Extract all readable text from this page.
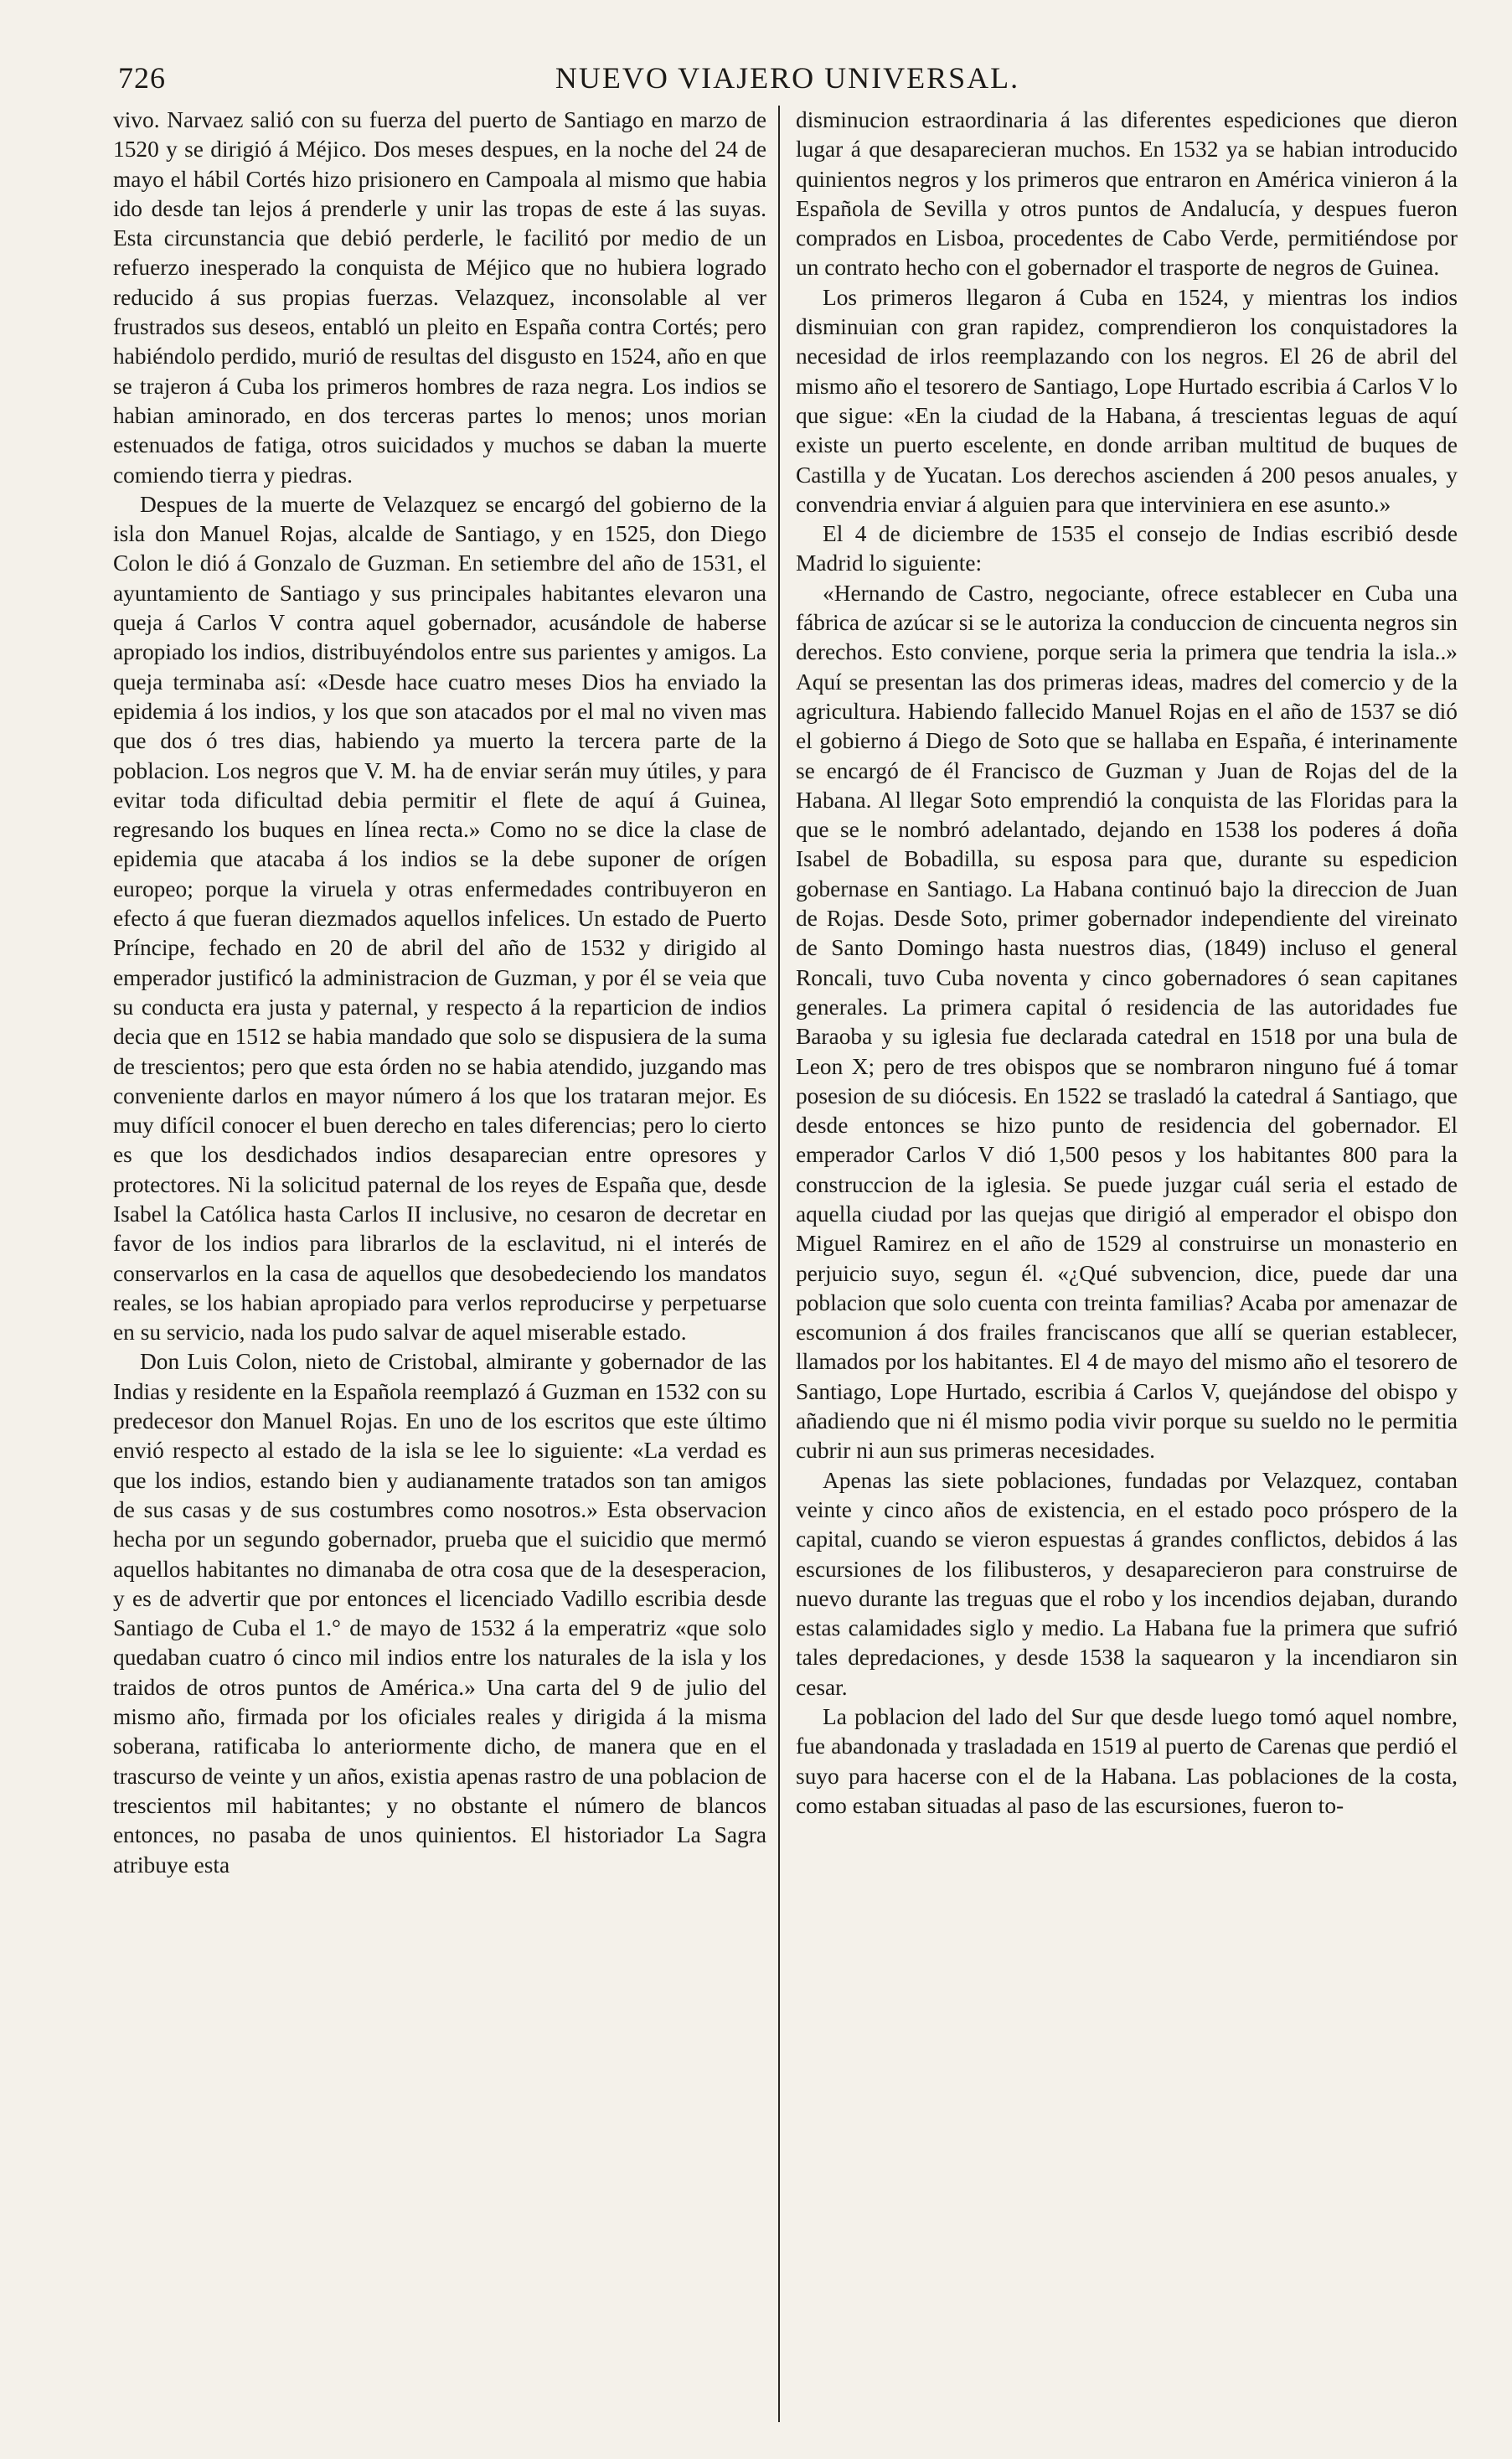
726	NUEVO VIAJERO UNIVERSAL.

vivo. Narvaez salió con su fuerza del puerto de Santiago en marzo de 1520 y se dirigió á Méjico. Dos meses despues, en la noche del 24 de mayo el hábil Cortés hizo prisionero en Campoala al mismo que habia ido desde tan lejos á prenderle y unir las tropas de este á las suyas. Esta circunstancia que debió perderle, le facilitó por medio de un refuerzo inesperado la conquista de Méjico que no hubiera logrado reducido á sus propias fuerzas. Velazquez, inconsolable al ver frustrados sus deseos, entabló un pleito en España contra Cortés; pero habiéndolo perdido, murió de resultas del disgusto en 1524, año en que se trajeron á Cuba los primeros hombres de raza negra. Los indios se habian aminorado, en dos terceras partes lo menos; unos morian estenuados de fatiga, otros suicidados y muchos se daban la muerte comiendo tierra y piedras.

Despues de la muerte de Velazquez se encargó del gobierno de la isla don Manuel Rojas, alcalde de Santiago, y en 1525, don Diego Colon le dió á Gonzalo de Guzman. En setiembre del año de 1531, el ayuntamiento de Santiago y sus principales habitantes elevaron una queja á Carlos V contra aquel gobernador, acusándole de haberse apropiado los indios, distribuyéndolos entre sus parientes y amigos. La queja terminaba así: «Desde hace cuatro meses Dios ha enviado la epidemia á los indios, y los que son atacados por el mal no viven mas que dos ó tres dias, habiendo ya muerto la tercera parte de la poblacion. Los negros que V. M. ha de enviar serán muy útiles, y para evitar toda dificultad debia permitir el flete de aquí á Guinea, regresando los buques en línea recta.» Como no se dice la clase de epidemia que atacaba á los indios se la debe suponer de orígen europeo; porque la viruela y otras enfermedades contribuyeron en efecto á que fueran diezmados aquellos infelices. Un estado de Puerto Príncipe, fechado en 20 de abril del año de 1532 y dirigido al emperador justificó la administracion de Guzman, y por él se veia que su conducta era justa y paternal, y respecto á la reparticion de indios decia que en 1512 se habia mandado que solo se dispusiera de la suma de trescientos; pero que esta órden no se habia atendido, juzgando mas conveniente darlos en mayor número á los que los trataran mejor. Es muy difícil conocer el buen derecho en tales diferencias; pero lo cierto es que los desdichados indios desaparecian entre opresores y protectores. Ni la solicitud paternal de los reyes de España que, desde Isabel la Católica hasta Carlos II inclusive, no cesaron de decretar en favor de los indios para librarlos de la esclavitud, ni el interés de conservarlos en la casa de aquellos que desobedeciendo los mandatos reales, se los habian apropiado para verlos reproducirse y perpetuarse en su servicio, nada los pudo salvar de aquel miserable estado.

Don Luis Colon, nieto de Cristobal, almirante y gobernador de las Indias y residente en la Española reemplazó á Guzman en 1532 con su predecesor don Manuel Rojas. En uno de los escritos que este último envió respecto al estado de la isla se lee lo siguiente: «La verdad es que los indios, estando bien y audianamente tratados son tan amigos de sus casas y de sus costumbres como nosotros.» Esta observacion hecha por un segundo gobernador, prueba que el suicidio que mermó aquellos habitantes no dimanaba de otra cosa que de la desesperacion, y es de advertir que por entonces el licenciado Vadillo escribia desde Santiago de Cuba el 1.° de mayo de 1532 á la emperatriz «que solo quedaban cuatro ó cinco mil indios entre los naturales de la isla y los traidos de otros puntos de América.» Una carta del 9 de julio del mismo año, firmada por los oficiales reales y dirigida á la misma soberana, ratificaba lo anteriormente dicho, de manera que en el trascurso de veinte y un años, existia apenas rastro de una poblacion de trescientos mil habitantes; y no obstante el número de blancos entonces, no pasaba de unos quinientos. El historiador La Sagra atribuye esta

disminucion estraordinaria á las diferentes espediciones que dieron lugar á que desaparecieran muchos. En 1532 ya se habian introducido quinientos negros y los primeros que entraron en América vinieron á la Española de Sevilla y otros puntos de Andalucía, y despues fueron comprados en Lisboa, procedentes de Cabo Verde, permitiéndose por un contrato hecho con el gobernador el trasporte de negros de Guinea.

Los primeros llegaron á Cuba en 1524, y mientras los indios disminuian con gran rapidez, comprendieron los conquistadores la necesidad de irlos reemplazando con los negros. El 26 de abril del mismo año el tesorero de Santiago, Lope Hurtado escribia á Carlos V lo que sigue: «En la ciudad de la Habana, á trescientas leguas de aquí existe un puerto escelente, en donde arriban multitud de buques de Castilla y de Yucatan. Los derechos ascienden á 200 pesos anuales, y convendria enviar á alguien para que interviniera en ese asunto.»

El 4 de diciembre de 1535 el consejo de Indias escribió desde Madrid lo siguiente:

«Hernando de Castro, negociante, ofrece establecer en Cuba una fábrica de azúcar si se le autoriza la conduccion de cincuenta negros sin derechos. Esto conviene, porque seria la primera que tendria la isla..» Aquí se presentan las dos primeras ideas, madres del comercio y de la agricultura. Habiendo fallecido Manuel Rojas en el año de 1537 se dió el gobierno á Diego de Soto que se hallaba en España, é interinamente se encargó de él Francisco de Guzman y Juan de Rojas del de la Habana. Al llegar Soto emprendió la conquista de las Floridas para la que se le nombró adelantado, dejando en 1538 los poderes á doña Isabel de Bobadilla, su esposa para que, durante su espedicion gobernase en Santiago. La Habana continuó bajo la direccion de Juan de Rojas. Desde Soto, primer gobernador independiente del vireinato de Santo Domingo hasta nuestros dias, (1849) incluso el general Roncali, tuvo Cuba noventa y cinco gobernadores ó sean capitanes generales. La primera capital ó residencia de las autoridades fue Baraoba y su iglesia fue declarada catedral en 1518 por una bula de Leon X; pero de tres obispos que se nombraron ninguno fué á tomar posesion de su diócesis. En 1522 se trasladó la catedral á Santiago, que desde entonces se hizo punto de residencia del gobernador. El emperador Carlos V dió 1,500 pesos y los habitantes 800 para la construccion de la iglesia. Se puede juzgar cuál seria el estado de aquella ciudad por las quejas que dirigió al emperador el obispo don Miguel Ramirez en el año de 1529 al construirse un monasterio en perjuicio suyo, segun él. «¿Qué subvencion, dice, puede dar una poblacion que solo cuenta con treinta familias? Acaba por amenazar de escomunion á dos frailes franciscanos que allí se querian establecer, llamados por los habitantes. El 4 de mayo del mismo año el tesorero de Santiago, Lope Hurtado, escribia á Carlos V, quejándose del obispo y añadiendo que ni él mismo podia vivir porque su sueldo no le permitia cubrir ni aun sus primeras necesidades.

Apenas las siete poblaciones, fundadas por Velazquez, contaban veinte y cinco años de existencia, en el estado poco próspero de la capital, cuando se vieron espuestas á grandes conflictos, debidos á las escursiones de los filibusteros, y desaparecieron para construirse de nuevo durante las treguas que el robo y los incendios dejaban, durando estas calamidades siglo y medio. La Habana fue la primera que sufrió tales depredaciones, y desde 1538 la saquearon y la incendiaron sin cesar.

La poblacion del lado del Sur que desde luego tomó aquel nombre, fue abandonada y trasladada en 1519 al puerto de Carenas que perdió el suyo para hacerse con el de la Habana. Las poblaciones de la costa, como estaban situadas al paso de las escursiones, fueron to-
